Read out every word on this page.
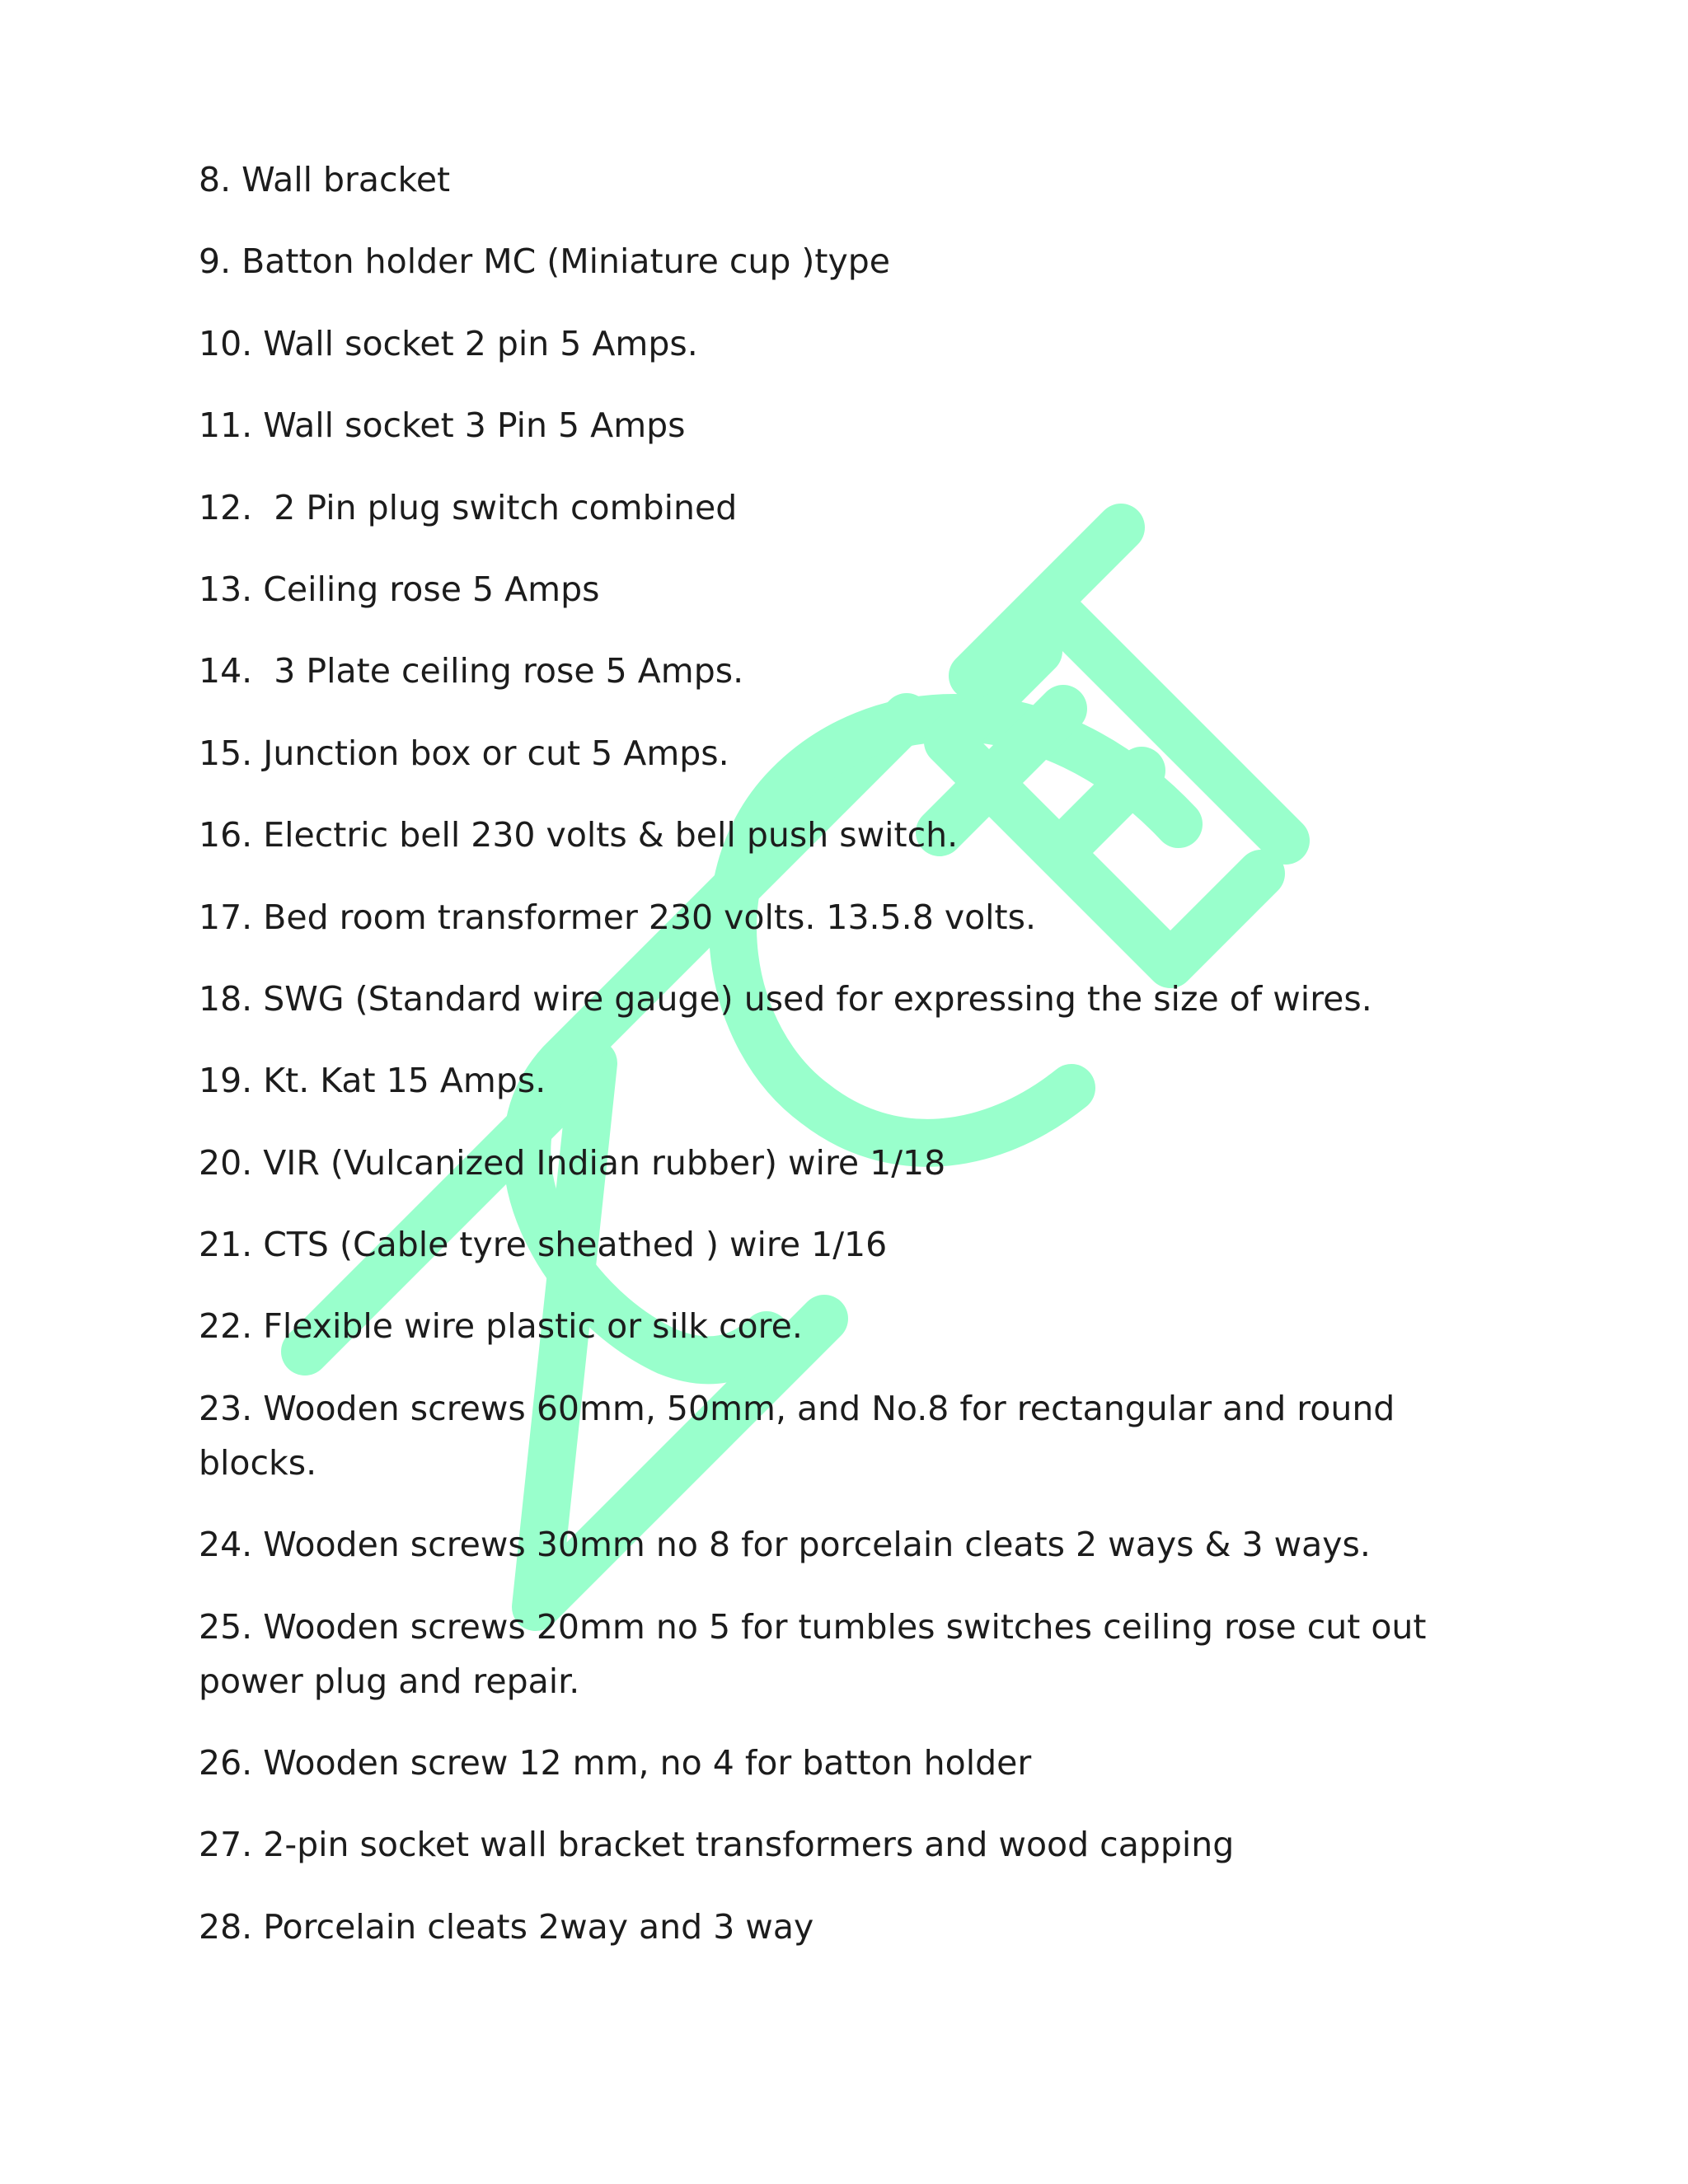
8. Wall bracket
9. Batton holder MC (Miniature cup )type
10. Wall socket 2 pin 5 Amps.
11. Wall socket 3 Pin 5 Amps
12.  2 Pin plug switch combined
13. Ceiling rose 5 Amps
14.  3 Plate ceiling rose 5 Amps.
15. Junction box or cut 5 Amps.
16. Electric bell 230 volts & bell push switch.
17. Bed room transformer 230 volts. 13.5.8 volts.
18. SWG (Standard wire gauge) used for expressing the size of wires.
19. Kt. Kat 15 Amps.
20. VIR (Vulcanized Indian rubber) wire 1/18
21. CTS (Cable tyre sheathed ) wire 1/16
22. Flexible wire plastic or silk core.
23. Wooden screws 60mm, 50mm, and No.8 for rectangular and round  blocks.
24. Wooden screws 30mm no 8 for porcelain cleats 2 ways & 3 ways.
25. Wooden screws 20mm no 5 for tumbles switches ceiling rose cut out  power plug and repair.
26. Wooden screw 12 mm, no 4 for batton holder
27. 2-pin socket wall bracket transformers and wood capping
28. Porcelain cleats 2way and 3 way
